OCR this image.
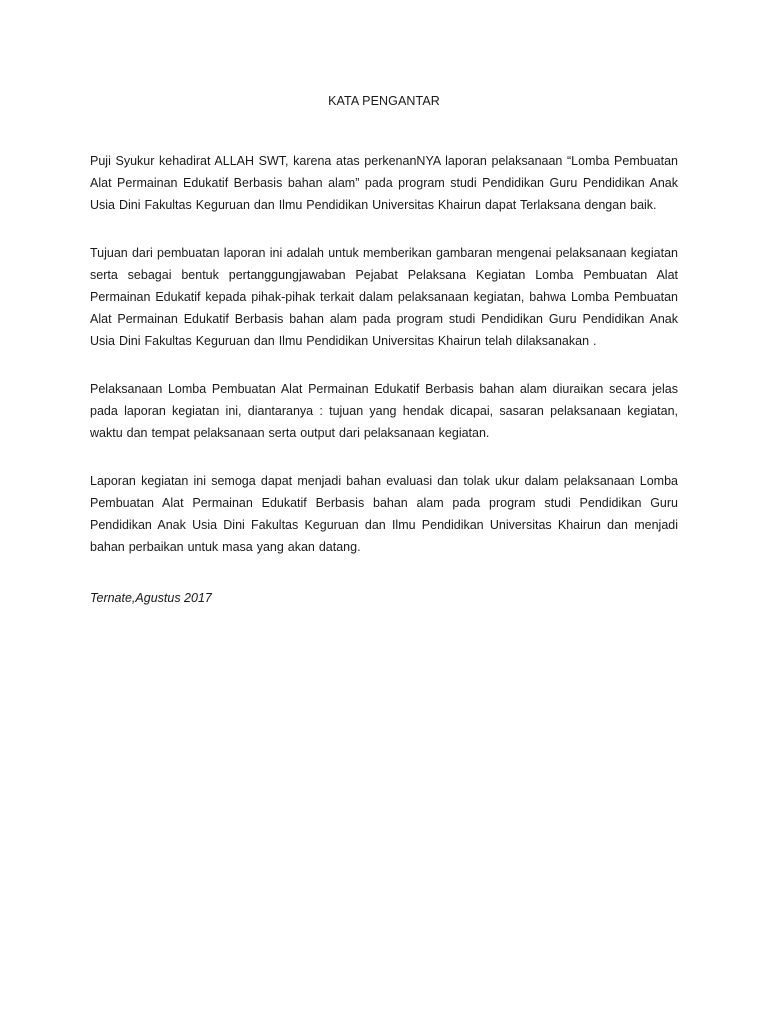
KATA PENGANTAR

Puji Syukur kehadirat ALLAH SWT, karena atas perkenanNYA laporan pelaksanaan “Lomba Pembuatan Alat Permainan Edukatif Berbasis bahan alam” pada program studi Pendidikan Guru Pendidikan Anak Usia Dini Fakultas Keguruan dan Ilmu Pendidikan Universitas Khairun dapat Terlaksana dengan baik.

Tujuan dari pembuatan laporan ini adalah untuk memberikan gambaran mengenai pelaksanaan kegiatan serta sebagai bentuk pertanggungjawaban Pejabat Pelaksana Kegiatan Lomba Pembuatan Alat Permainan Edukatif kepada pihak-pihak terkait dalam pelaksanaan kegiatan, bahwa Lomba Pembuatan Alat Permainan Edukatif Berbasis bahan alam pada program studi Pendidikan Guru Pendidikan Anak Usia Dini Fakultas Keguruan dan Ilmu Pendidikan Universitas Khairun telah dilaksanakan .

Pelaksanaan Lomba Pembuatan Alat Permainan Edukatif Berbasis bahan alam diuraikan secara jelas pada laporan kegiatan ini, diantaranya : tujuan yang hendak dicapai, sasaran pelaksanaan kegiatan, waktu dan tempat pelaksanaan serta output dari pelaksanaan kegiatan.

Laporan kegiatan ini semoga dapat menjadi bahan evaluasi dan tolak ukur dalam pelaksanaan Lomba Pembuatan Alat Permainan Edukatif Berbasis bahan alam pada program studi Pendidikan Guru Pendidikan Anak Usia Dini Fakultas Keguruan dan Ilmu Pendidikan Universitas Khairun dan menjadi bahan perbaikan untuk masa yang akan datang.

Ternate,Agustus 2017
